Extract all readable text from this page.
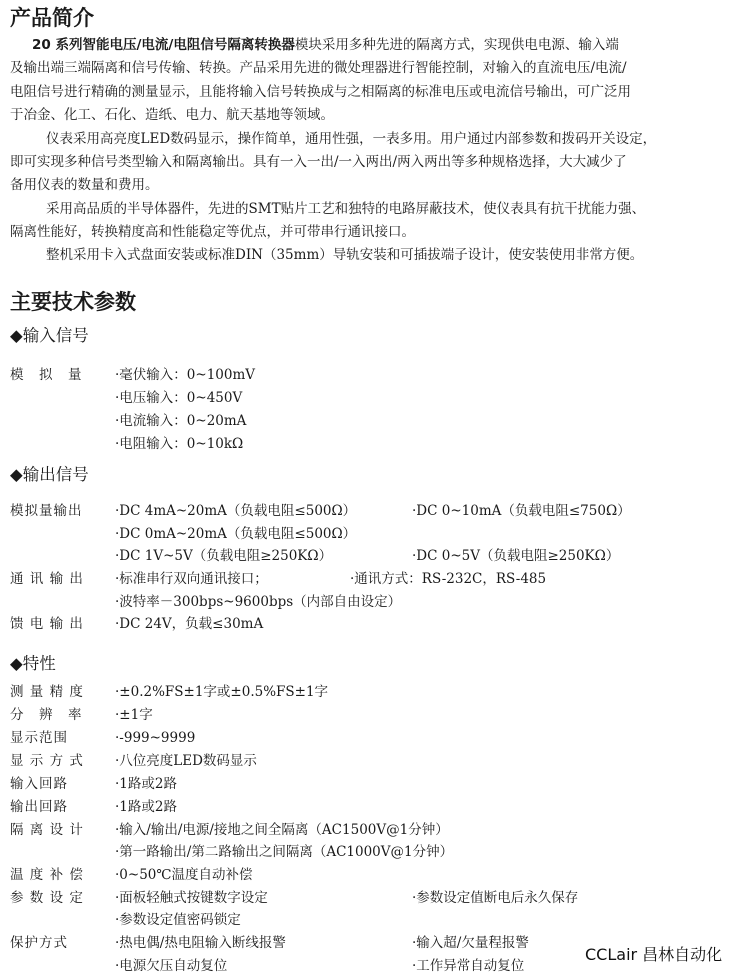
产品简介
20 系列智能电压/电流/电阻信号隔离转换器模块采用多种先进的隔离方式，实现供电电源、输入端
及输出端三端隔离和信号传输、转换。产品采用先进的微处理器进行智能控制，对输入的直流电压/电流/
电阻信号进行精确的测量显示，且能将输入信号转换成与之相隔离的标准电压或电流信号输出，可广泛用
于冶金、化工、石化、造纸、电力、航天基地等领域。
仪表采用高亮度LED数码显示，操作简单，通用性强，一表多用。用户通过内部参数和拨码开关设定，
即可实现多种信号类型输入和隔离输出。具有一入一出/一入两出/两入两出等多种规格选择，大大减少了
备用仪表的数量和费用。
采用高品质的半导体器件，先进的SMT贴片工艺和独特的电路屏蔽技术，使仪表具有抗干扰能力强、
隔离性能好，转换精度高和性能稳定等优点，并可带串行通讯接口。
整机采用卡入式盘面安装或标准DIN（35mm）导轨安装和可插拔端子设计，使安装使用非常方便。
主要技术参数
◆输入信号
模　拟　量 ·毫伏输入：0~100mV
·电压输入：0~450V
·电流输入：0~20mA
·电阻输入：0~10kΩ
◆输出信号
模拟量输出 ·DC 4mA~20mA（负载电阻≤500Ω）	·DC 0~10mA（负载电阻≤750Ω）
·DC 0mA~20mA（负载电阻≤500Ω）
·DC 1V~5V（负载电阻≥250KΩ）	·DC 0~5V（负载电阻≥250KΩ）
通 讯 输 出 ·标准串行双向通讯接口；	·通讯方式：RS-232C，RS-485
·波特率－300bps~9600bps（内部自由设定）
馈 电 输 出 ·DC 24V，负载≤30mA
◆特性
测 量 精 度 ·±0.2%FS±1字或±0.5%FS±1字
分　辨　率 ·±1字
显示范围	·-999~9999
显 示 方 式 ·八位亮度LED数码显示
输入回路	·1路或2路
输出回路	·1路或2路
隔 离 设 计 ·输入/输出/电源/接地之间全隔离（AC1500V@1分钟）
·第一路输出/第二路输出之间隔离（AC1000V@1分钟）
温 度 补 偿 ·0~50℃温度自动补偿
参 数 设 定 ·面板轻触式按键数字设定	·参数设定值断电后永久保存
·参数设定值密码锁定
保护方式	·热电偶/热电阻输入断线报警	·输入超/欠量程报警
·电源欠压自动复位	·工作异常自动复位
CCLair 昌林自动化
